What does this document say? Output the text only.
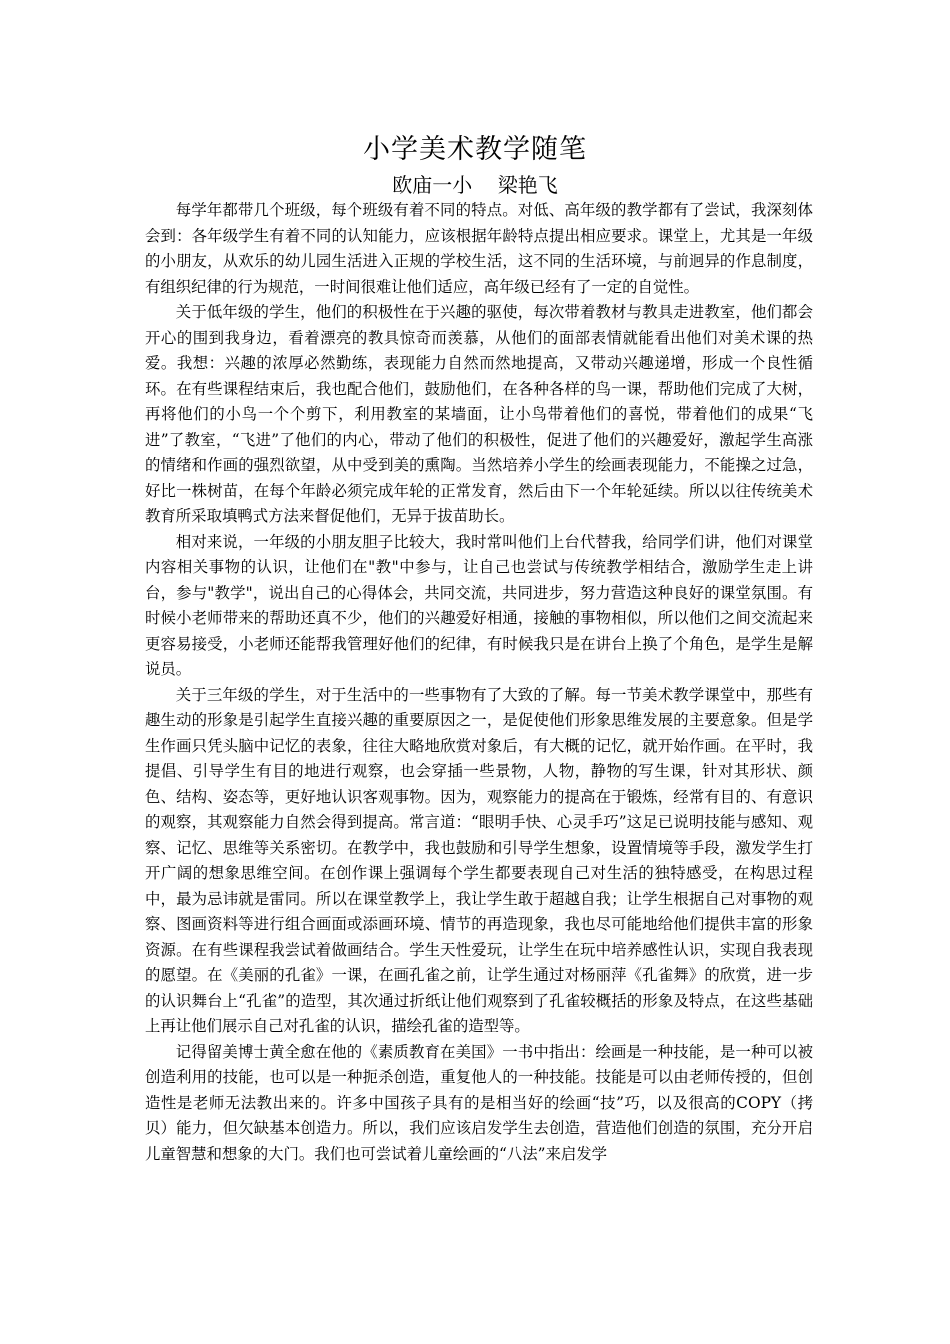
小学美术教学随笔
欧庙一小    梁艳飞

每学年都带几个班级，每个班级有着不同的特点。对低、高年级的教学都有了尝试，我深刻体会到：各年级学生有着不同的认知能力，应该根据年龄特点提出相应要求。课堂上，尤其是一年级的小朋友，从欢乐的幼儿园生活进入正规的学校生活，这不同的生活环境，与前迥异的作息制度，有组织纪律的行为规范，一时间很难让他们适应，高年级已经有了一定的自觉性。

关于低年级的学生，他们的积极性在于兴趣的驱使，每次带着教材与教具走进教室，他们都会开心的围到我身边，看着漂亮的教具惊奇而羡慕，从他们的面部表情就能看出他们对美术课的热爱。我想：兴趣的浓厚必然勤练，表现能力自然而然地提高，又带动兴趣递增，形成一个良性循环。在有些课程结束后，我也配合他们，鼓励他们，在各种各样的鸟一课，帮助他们完成了大树，再将他们的小鸟一个个剪下，利用教室的某墙面，让小鸟带着他们的喜悦，带着他们的成果“飞进”了教室，“飞进”了他们的内心，带动了他们的积极性，促进了他们的兴趣爱好，激起学生高涨的情绪和作画的强烈欲望，从中受到美的熏陶。当然培养小学生的绘画表现能力，不能操之过急，好比一株树苗，在每个年龄必须完成年轮的正常发育，然后由下一个年轮延续。所以以往传统美术教育所采取填鸭式方法来督促他们，无异于拔苗助长。

相对来说，一年级的小朋友胆子比较大，我时常叫他们上台代替我，给同学们讲，他们对课堂内容相关事物的认识，让他们在"教"中参与，让自己也尝试与传统教学相结合，激励学生走上讲台，参与"教学"，说出自己的心得体会，共同交流，共同进步，努力营造这种良好的课堂氛围。有时候小老师带来的帮助还真不少，他们的兴趣爱好相通，接触的事物相似，所以他们之间交流起来更容易接受，小老师还能帮我管理好他们的纪律，有时候我只是在讲台上换了个角色，是学生是解说员。

关于三年级的学生，对于生活中的一些事物有了大致的了解。每一节美术教学课堂中，那些有趣生动的形象是引起学生直接兴趣的重要原因之一，是促使他们形象思维发展的主要意象。但是学生作画只凭头脑中记忆的表象，往往大略地欣赏对象后，有大概的记忆，就开始作画。在平时，我提倡、引导学生有目的地进行观察，也会穿插一些景物，人物，静物的写生课，针对其形状、颜色、结构、姿态等，更好地认识客观事物。因为，观察能力的提高在于锻炼，经常有目的、有意识的观察，其观察能力自然会得到提高。常言道：“眼明手快、心灵手巧”这足已说明技能与感知、观察、记忆、思维等关系密切。在教学中，我也鼓励和引导学生想象，设置情境等手段，激发学生打开广阔的想象思维空间。在创作课上强调每个学生都要表现自己对生活的独特感受，在构思过程中，最为忌讳就是雷同。所以在课堂教学上，我让学生敢于超越自我；让学生根据自己对事物的观察、图画资料等进行组合画面或添画环境、情节的再造现象，我也尽可能地给他们提供丰富的形象资源。在有些课程我尝试着做画结合。学生天性爱玩，让学生在玩中培养感性认识，实现自我表现的愿望。在《美丽的孔雀》一课，在画孔雀之前，让学生通过对杨丽萍《孔雀舞》的欣赏，进一步的认识舞台上“孔雀”的造型，其次通过折纸让他们观察到了孔雀较概括的形象及特点，在这些基础上再让他们展示自己对孔雀的认识，描绘孔雀的造型等。

记得留美博士黄全愈在他的《素质教育在美国》一书中指出：绘画是一种技能，是一种可以被创造利用的技能，也可以是一种扼杀创造，重复他人的一种技能。技能是可以由老师传授的，但创造性是老师无法教出来的。许多中国孩子具有的是相当好的绘画“技”巧，以及很高的COPY（拷贝）能力，但欠缺基本创造力。所以，我们应该启发学生去创造，营造他们创造的氛围，充分开启儿童智慧和想象的大门。我们也可尝试着儿童绘画的“八法”来启发学
